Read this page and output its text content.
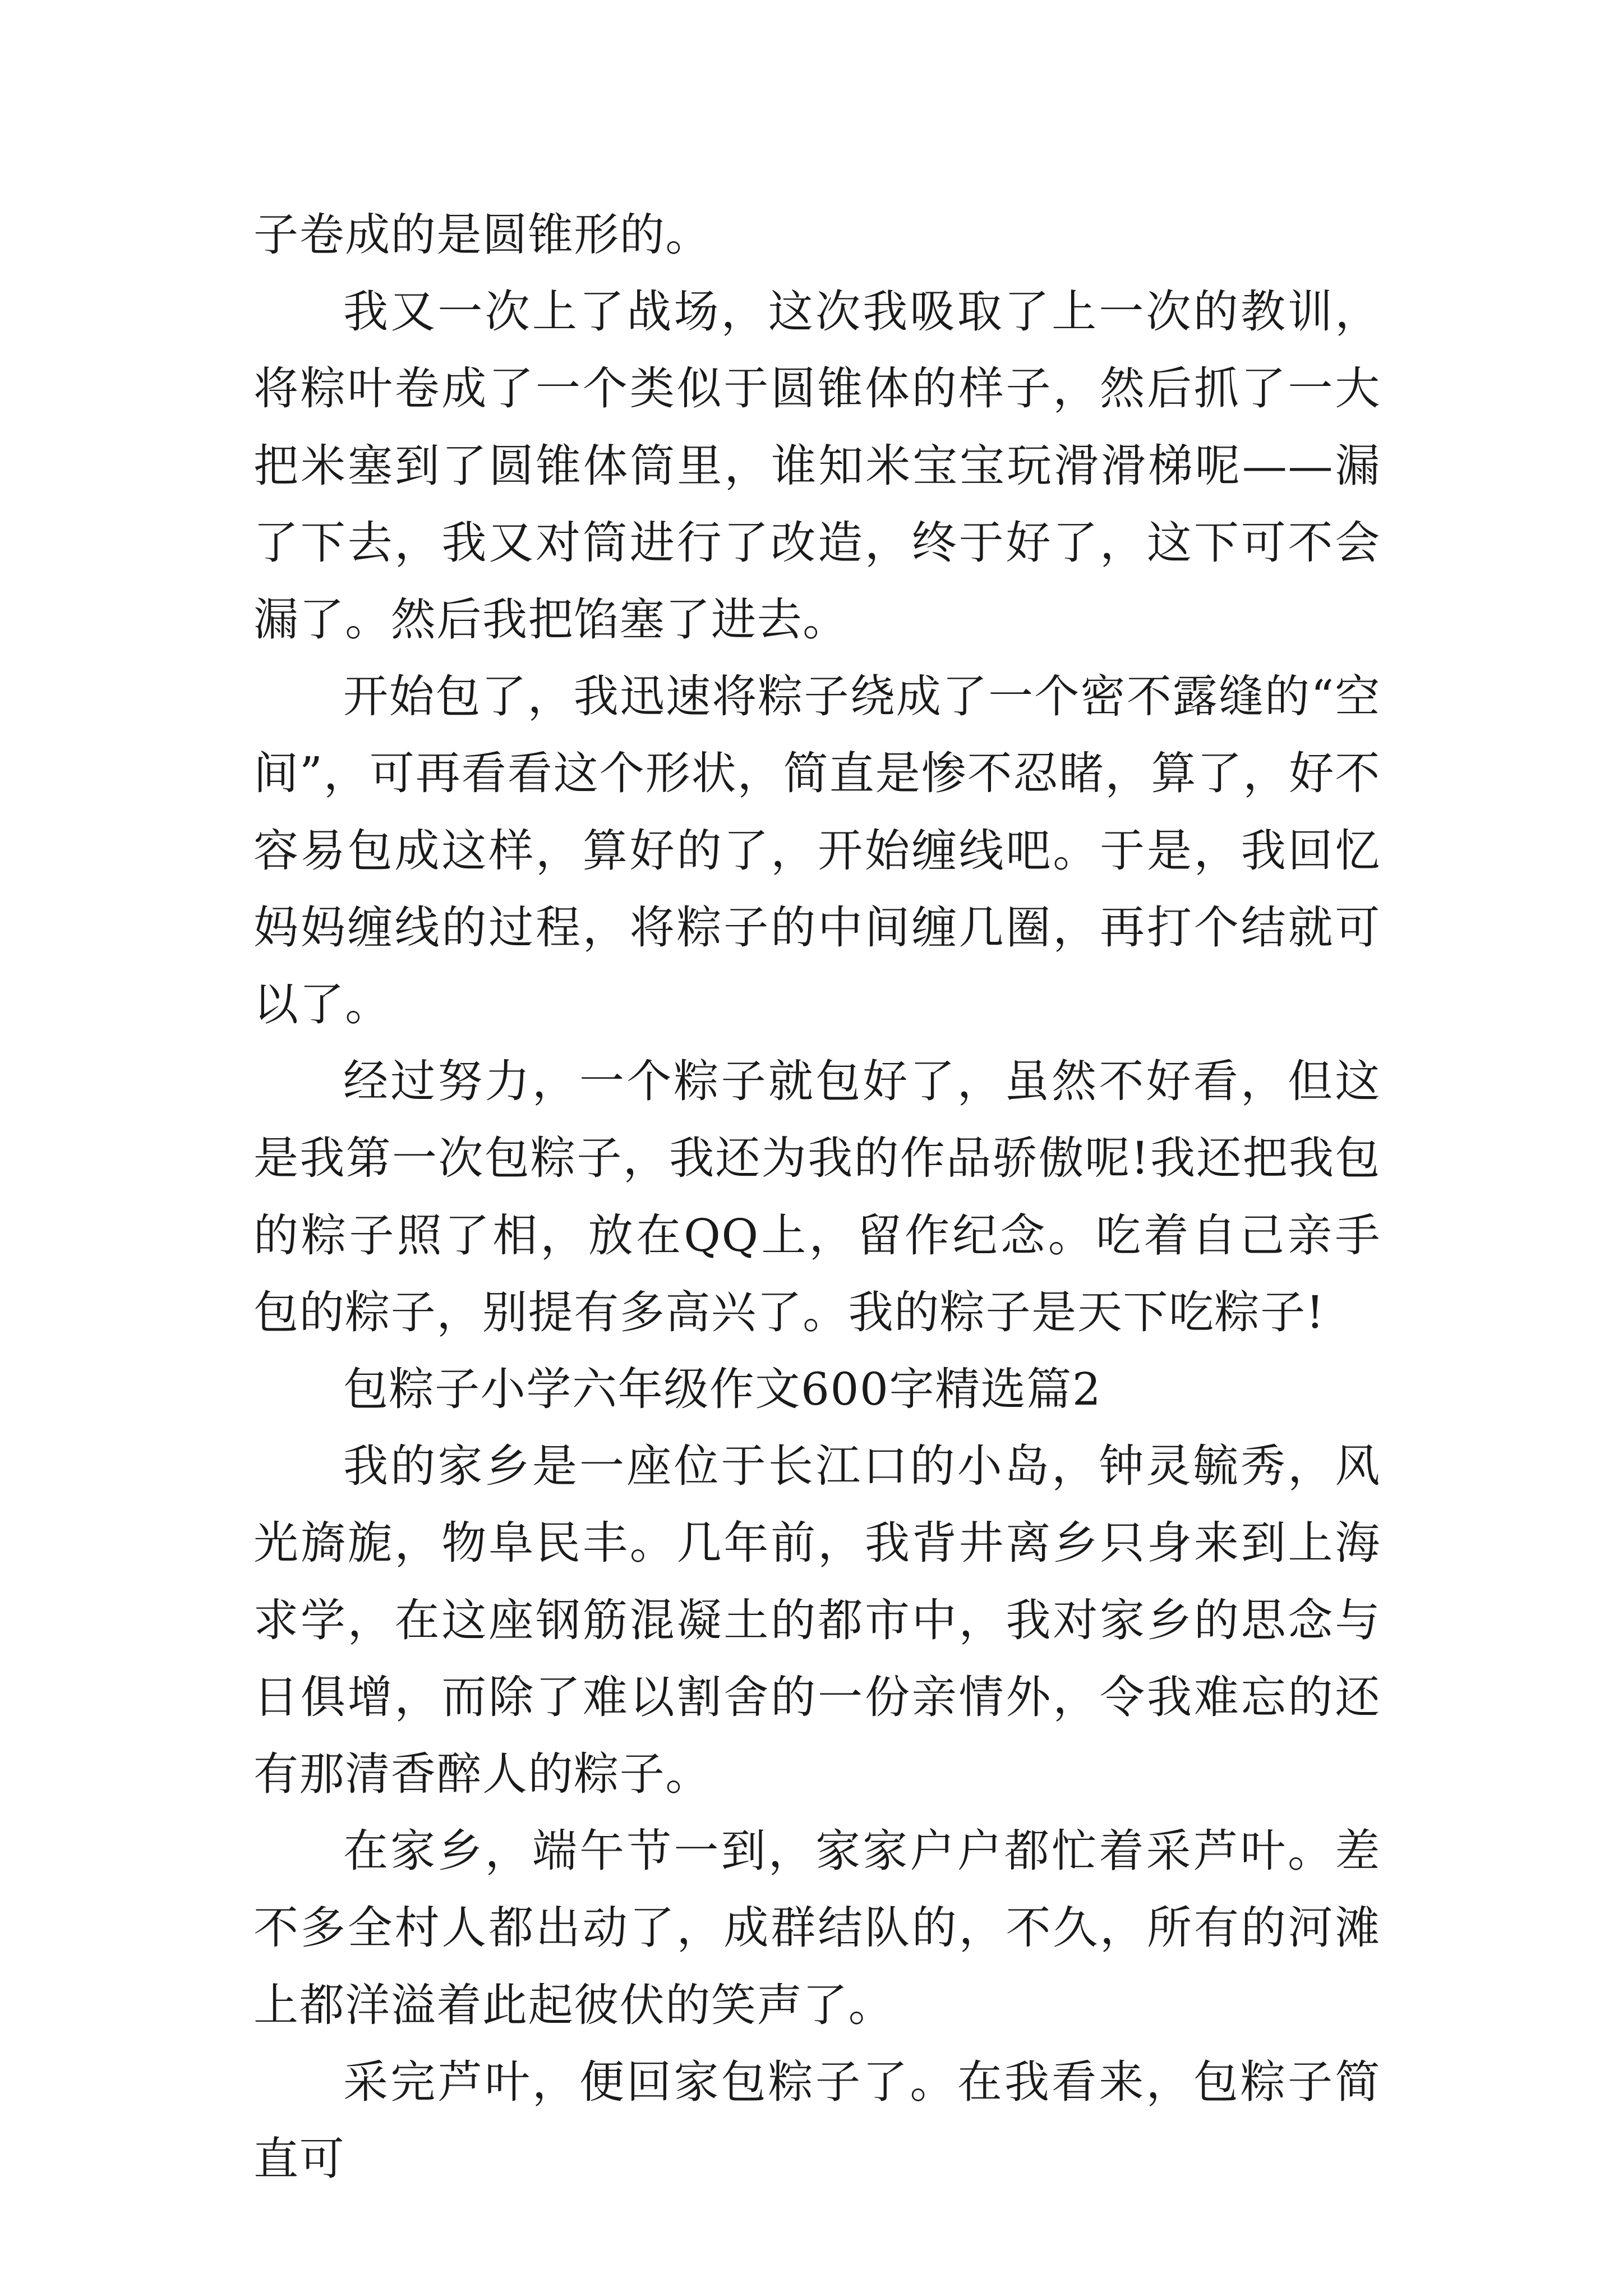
子卷成的是圆锥形的。

我又一次上了战场，这次我吸取了上一次的教训，将粽叶卷成了一个类似于圆锥体的样子，然后抓了一大把米塞到了圆锥体筒里，谁知米宝宝玩滑滑梯呢——漏了下去，我又对筒进行了改造，终于好了，这下可不会漏了。然后我把馅塞了进去。

开始包了，我迅速将粽子绕成了一个密不露缝的“空间”，可再看看这个形状，简直是惨不忍睹，算了，好不容易包成这样，算好的了，开始缠线吧。于是，我回忆妈妈缠线的过程，将粽子的中间缠几圈，再打个结就可以了。

经过努力，一个粽子就包好了，虽然不好看，但这是我第一次包粽子，我还为我的作品骄傲呢!我还把我包的粽子照了相，放在QQ上，留作纪念。吃着自己亲手包的粽子，别提有多高兴了。我的粽子是天下吃粽子!

包粽子小学六年级作文600字精选篇2

我的家乡是一座位于长江口的小岛，钟灵毓秀，风光旖旎，物阜民丰。几年前，我背井离乡只身来到上海求学，在这座钢筋混凝土的都市中，我对家乡的思念与日俱增，而除了难以割舍的一份亲情外，令我难忘的还有那清香醉人的粽子。

在家乡，端午节一到，家家户户都忙着采芦叶。差不多全村人都出动了，成群结队的，不久，所有的河滩上都洋溢着此起彼伏的笑声了。

采完芦叶，便回家包粽子了。在我看来，包粽子简直可
